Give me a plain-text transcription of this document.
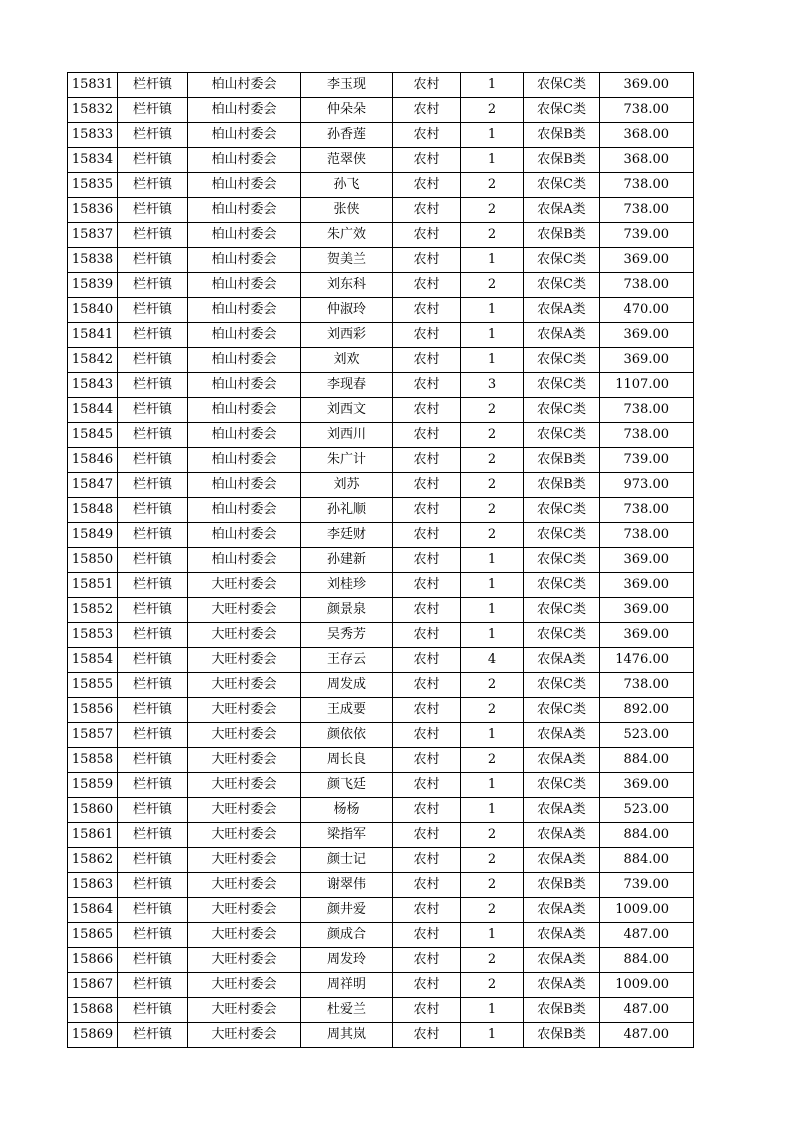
15831	栏杆镇	柏山村委会	李玉现	农村	1	农保C类	369.00
15832	栏杆镇	柏山村委会	仲朵朵	农村	2	农保C类	738.00
15833	栏杆镇	柏山村委会	孙香莲	农村	1	农保B类	368.00
15834	栏杆镇	柏山村委会	范翠侠	农村	1	农保B类	368.00
15835	栏杆镇	柏山村委会	孙飞	农村	2	农保C类	738.00
15836	栏杆镇	柏山村委会	张侠	农村	2	农保A类	738.00
15837	栏杆镇	柏山村委会	朱广效	农村	2	农保B类	739.00
15838	栏杆镇	柏山村委会	贺美兰	农村	1	农保C类	369.00
15839	栏杆镇	柏山村委会	刘东科	农村	2	农保C类	738.00
15840	栏杆镇	柏山村委会	仲淑玲	农村	1	农保A类	470.00
15841	栏杆镇	柏山村委会	刘西彩	农村	1	农保A类	369.00
15842	栏杆镇	柏山村委会	刘欢	农村	1	农保C类	369.00
15843	栏杆镇	柏山村委会	李现春	农村	3	农保C类	1107.00
15844	栏杆镇	柏山村委会	刘西文	农村	2	农保C类	738.00
15845	栏杆镇	柏山村委会	刘西川	农村	2	农保C类	738.00
15846	栏杆镇	柏山村委会	朱广计	农村	2	农保B类	739.00
15847	栏杆镇	柏山村委会	刘苏	农村	2	农保B类	973.00
15848	栏杆镇	柏山村委会	孙礼顺	农村	2	农保C类	738.00
15849	栏杆镇	柏山村委会	李廷财	农村	2	农保C类	738.00
15850	栏杆镇	柏山村委会	孙建新	农村	1	农保C类	369.00
15851	栏杆镇	大旺村委会	刘桂珍	农村	1	农保C类	369.00
15852	栏杆镇	大旺村委会	颜景泉	农村	1	农保C类	369.00
15853	栏杆镇	大旺村委会	吴秀芳	农村	1	农保C类	369.00
15854	栏杆镇	大旺村委会	王存云	农村	4	农保A类	1476.00
15855	栏杆镇	大旺村委会	周发成	农村	2	农保C类	738.00
15856	栏杆镇	大旺村委会	王成要	农村	2	农保C类	892.00
15857	栏杆镇	大旺村委会	颜依依	农村	1	农保A类	523.00
15858	栏杆镇	大旺村委会	周长良	农村	2	农保A类	884.00
15859	栏杆镇	大旺村委会	颜飞廷	农村	1	农保C类	369.00
15860	栏杆镇	大旺村委会	杨杨	农村	1	农保A类	523.00
15861	栏杆镇	大旺村委会	梁指军	农村	2	农保A类	884.00
15862	栏杆镇	大旺村委会	颜士记	农村	2	农保A类	884.00
15863	栏杆镇	大旺村委会	谢翠伟	农村	2	农保B类	739.00
15864	栏杆镇	大旺村委会	颜井爱	农村	2	农保A类	1009.00
15865	栏杆镇	大旺村委会	颜成合	农村	1	农保A类	487.00
15866	栏杆镇	大旺村委会	周发玲	农村	2	农保A类	884.00
15867	栏杆镇	大旺村委会	周祥明	农村	2	农保A类	1009.00
15868	栏杆镇	大旺村委会	杜爱兰	农村	1	农保B类	487.00
15869	栏杆镇	大旺村委会	周其岚	农村	1	农保B类	487.00
